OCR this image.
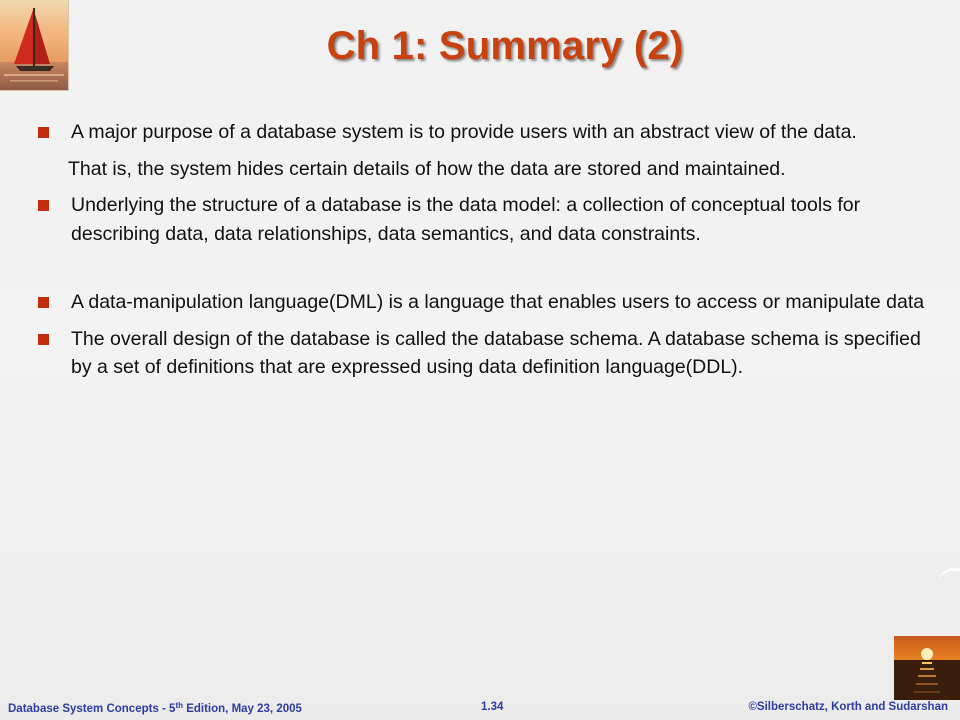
Ch 1: Summary (2)
A major purpose of a database system is to provide users with an abstract view of the data.
That is, the system hides certain details of how the data are stored and maintained.
Underlying the structure of a database is the data model: a collection of conceptual tools for describing data, data relationships, data semantics, and data constraints.
A data-manipulation language(DML) is a language that enables users to access or manipulate data
The overall design of the database is called the database schema. A database schema is specified by a set of definitions that are expressed using data definition language(DDL).
Database System Concepts - 5th Edition, May 23, 2005	1.34	©Silberschatz, Korth and Sudarshan
